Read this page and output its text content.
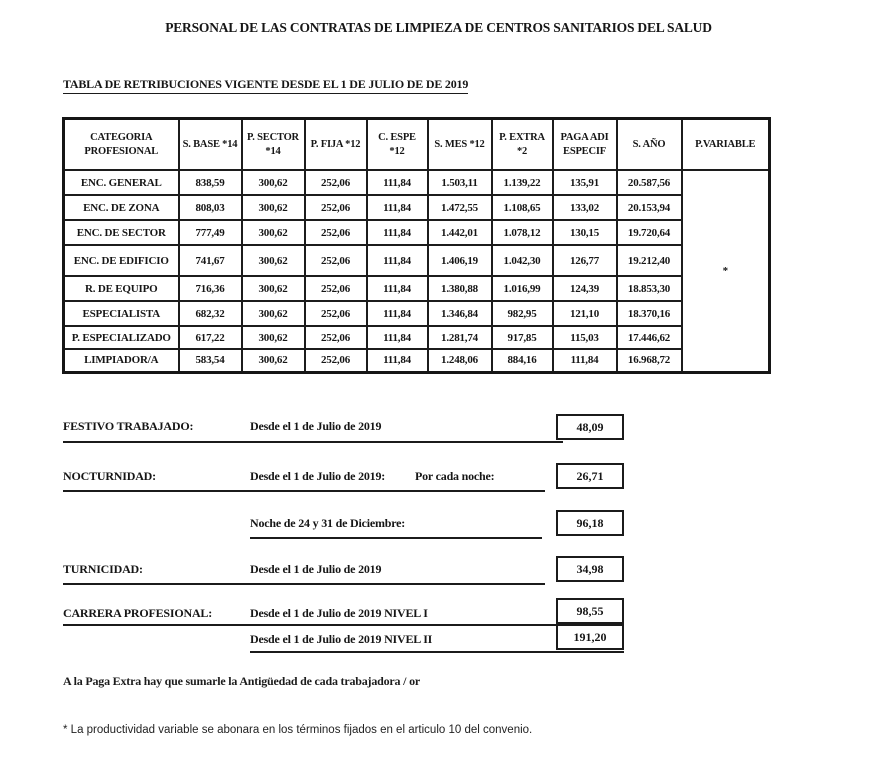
PERSONAL DE LAS CONTRATAS DE LIMPIEZA DE CENTROS SANITARIOS DEL SALUD
TABLA DE RETRIBUCIONES VIGENTE DESDE EL 1 DE JULIO DE DE 2019
CATEGORIA PROFESIONAL	S. BASE *14	P. SECTOR *14	P. FIJA *12	C. ESPE *12	S. MES *12	P. EXTRA *2	PAGA ADI ESPECIF	S. AÑO	P.VARIABLE
ENC. GENERAL	838,59	300,62	252,06	111,84	1.503,11	1.139,22	135,91	20.587,56	*
ENC. DE ZONA	808,03	300,62	252,06	111,84	1.472,55	1.108,65	133,02	20.153,94	
ENC. DE SECTOR	777,49	300,62	252,06	111,84	1.442,01	1.078,12	130,15	19.720,64	
ENC. DE EDIFICIO	741,67	300,62	252,06	111,84	1.406,19	1.042,30	126,77	19.212,40	
R. DE EQUIPO	716,36	300,62	252,06	111,84	1.380,88	1.016,99	124,39	18.853,30	
ESPECIALISTA	682,32	300,62	252,06	111,84	1.346,84	982,95	121,10	18.370,16	
P. ESPECIALIZADO	617,22	300,62	252,06	111,84	1.281,74	917,85	115,03	17.446,62	
LIMPIADOR/A	583,54	300,62	252,06	111,84	1.248,06	884,16	111,84	16.968,72	
FESTIVO TRABAJADO:	Desde el 1 de Julio de 2019	48,09
NOCTURNIDAD:	Desde el 1 de Julio de 2019: Por cada noche:	26,71
Noche de 24 y 31 de Diciembre:	96,18
TURNICIDAD:	Desde el 1 de Julio de 2019	34,98
CARRERA PROFESIONAL:	Desde el 1 de Julio de 2019 NIVEL I	98,55
Desde el 1 de Julio de 2019 NIVEL II	191,20
A la Paga Extra hay que sumarle la Antigüedad de cada trabajadora / or
* La productividad variable se abonara en los términos fijados en el articulo 10 del convenio.
